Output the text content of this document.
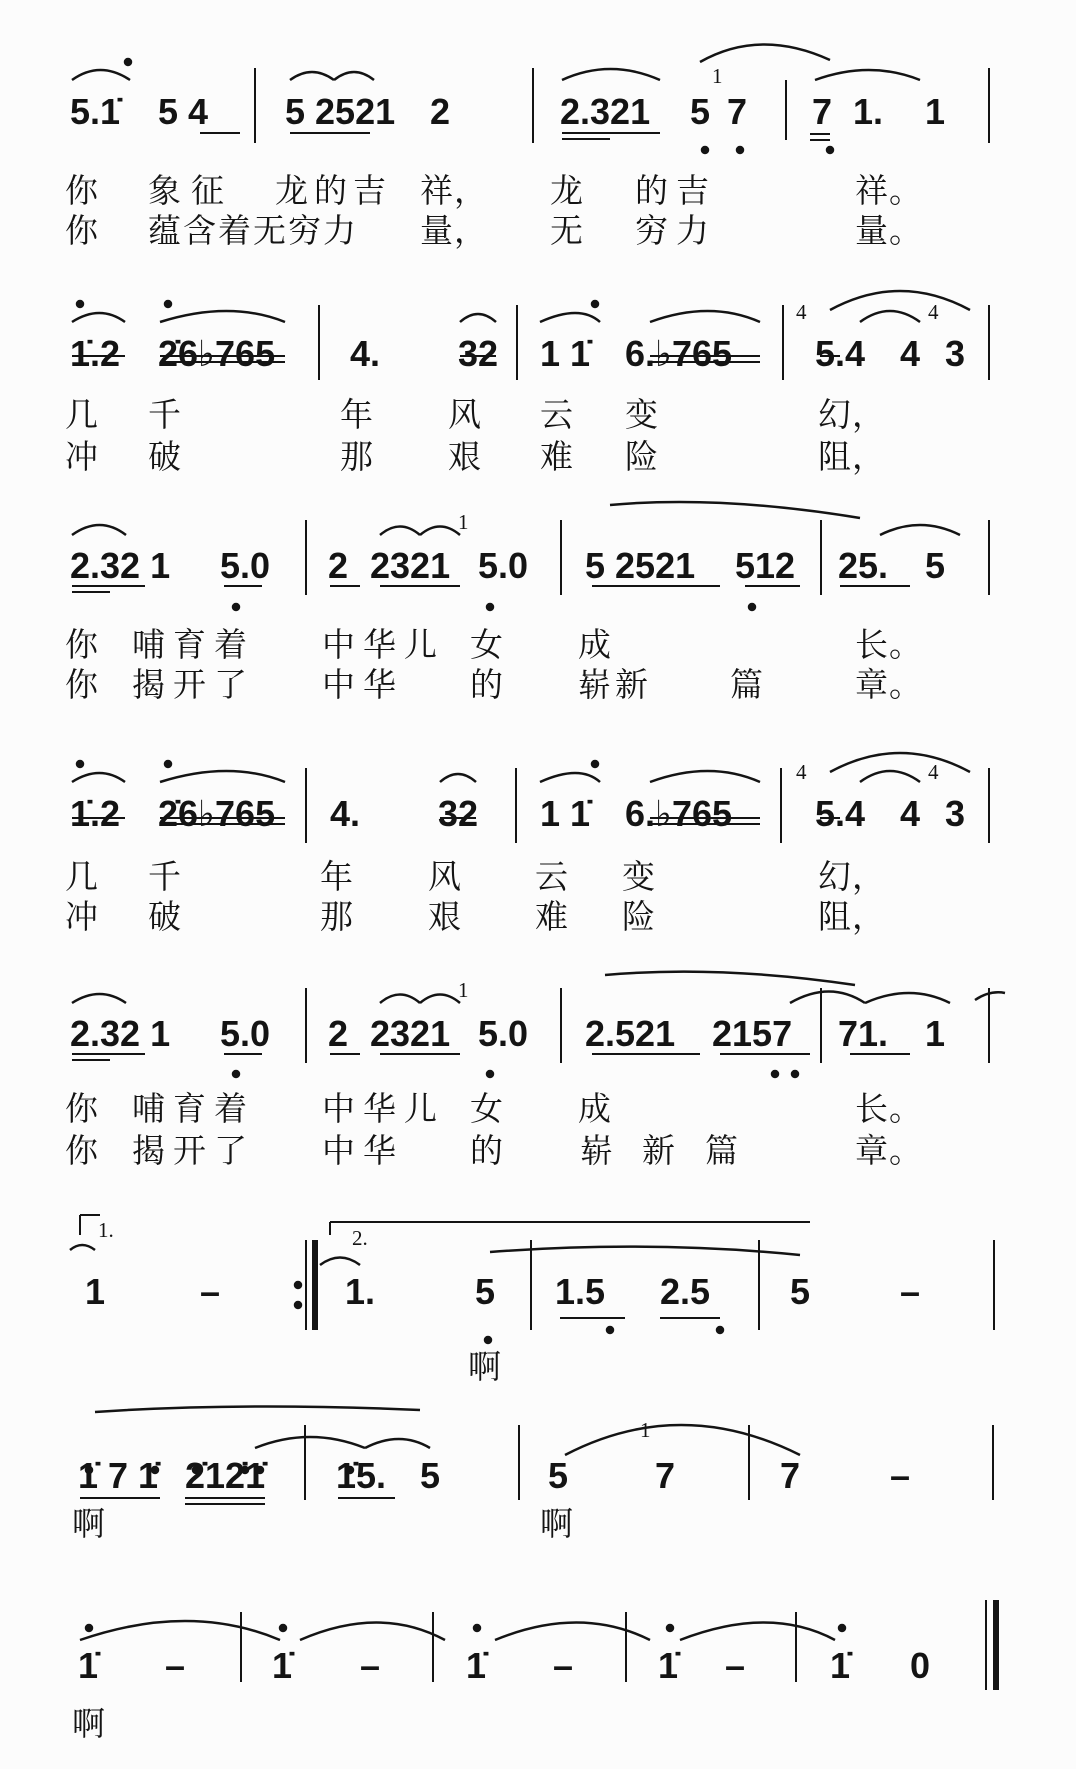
5.1̇ 5 4 5 2521 2	2.321 5
1
7 7 1. 1
你 象征 龙的吉 祥， 龙 的吉	祥。
你 蕴含着无穷力 量， 无 穷力	量。
1̇.2 2̇6♭765 4. 32 1 1̇ 6.♭765
4
5.4 4
4
3
几 千	年 风 云 变	幻，
冲 破	那 艰 难 险	阻，
2.32 1 5.0 2 2321
1
5.0 5 2521 512 25. 5
你 哺育着 中华儿 女 成	长。
你 揭开了 中华 的 崭新 篇	章。
1̇.2 2̇6♭765 4. 32 1 1̇ 6.♭765
4
5.4 4
4
3
几 千	年 风 云 变	幻，
冲 破	那 艰 难 险	阻，
2.32 1 5.0 2 2321
1
5.0 2.521 2157 71. 1
你 哺育着 中华儿 女 成	长。
你 揭开了 中华 的 崭 新 篇	章。
1.	2.
1	–	1.	5 1.5 2.5 5 –
啊
1̇ 7 1̇ 2̇12̇1̇ 1̇5. 5	5
1
7	7 –
啊	啊
1̇ – 1̇ – 1̇ – 1̇ – 1̇ 0
啊
